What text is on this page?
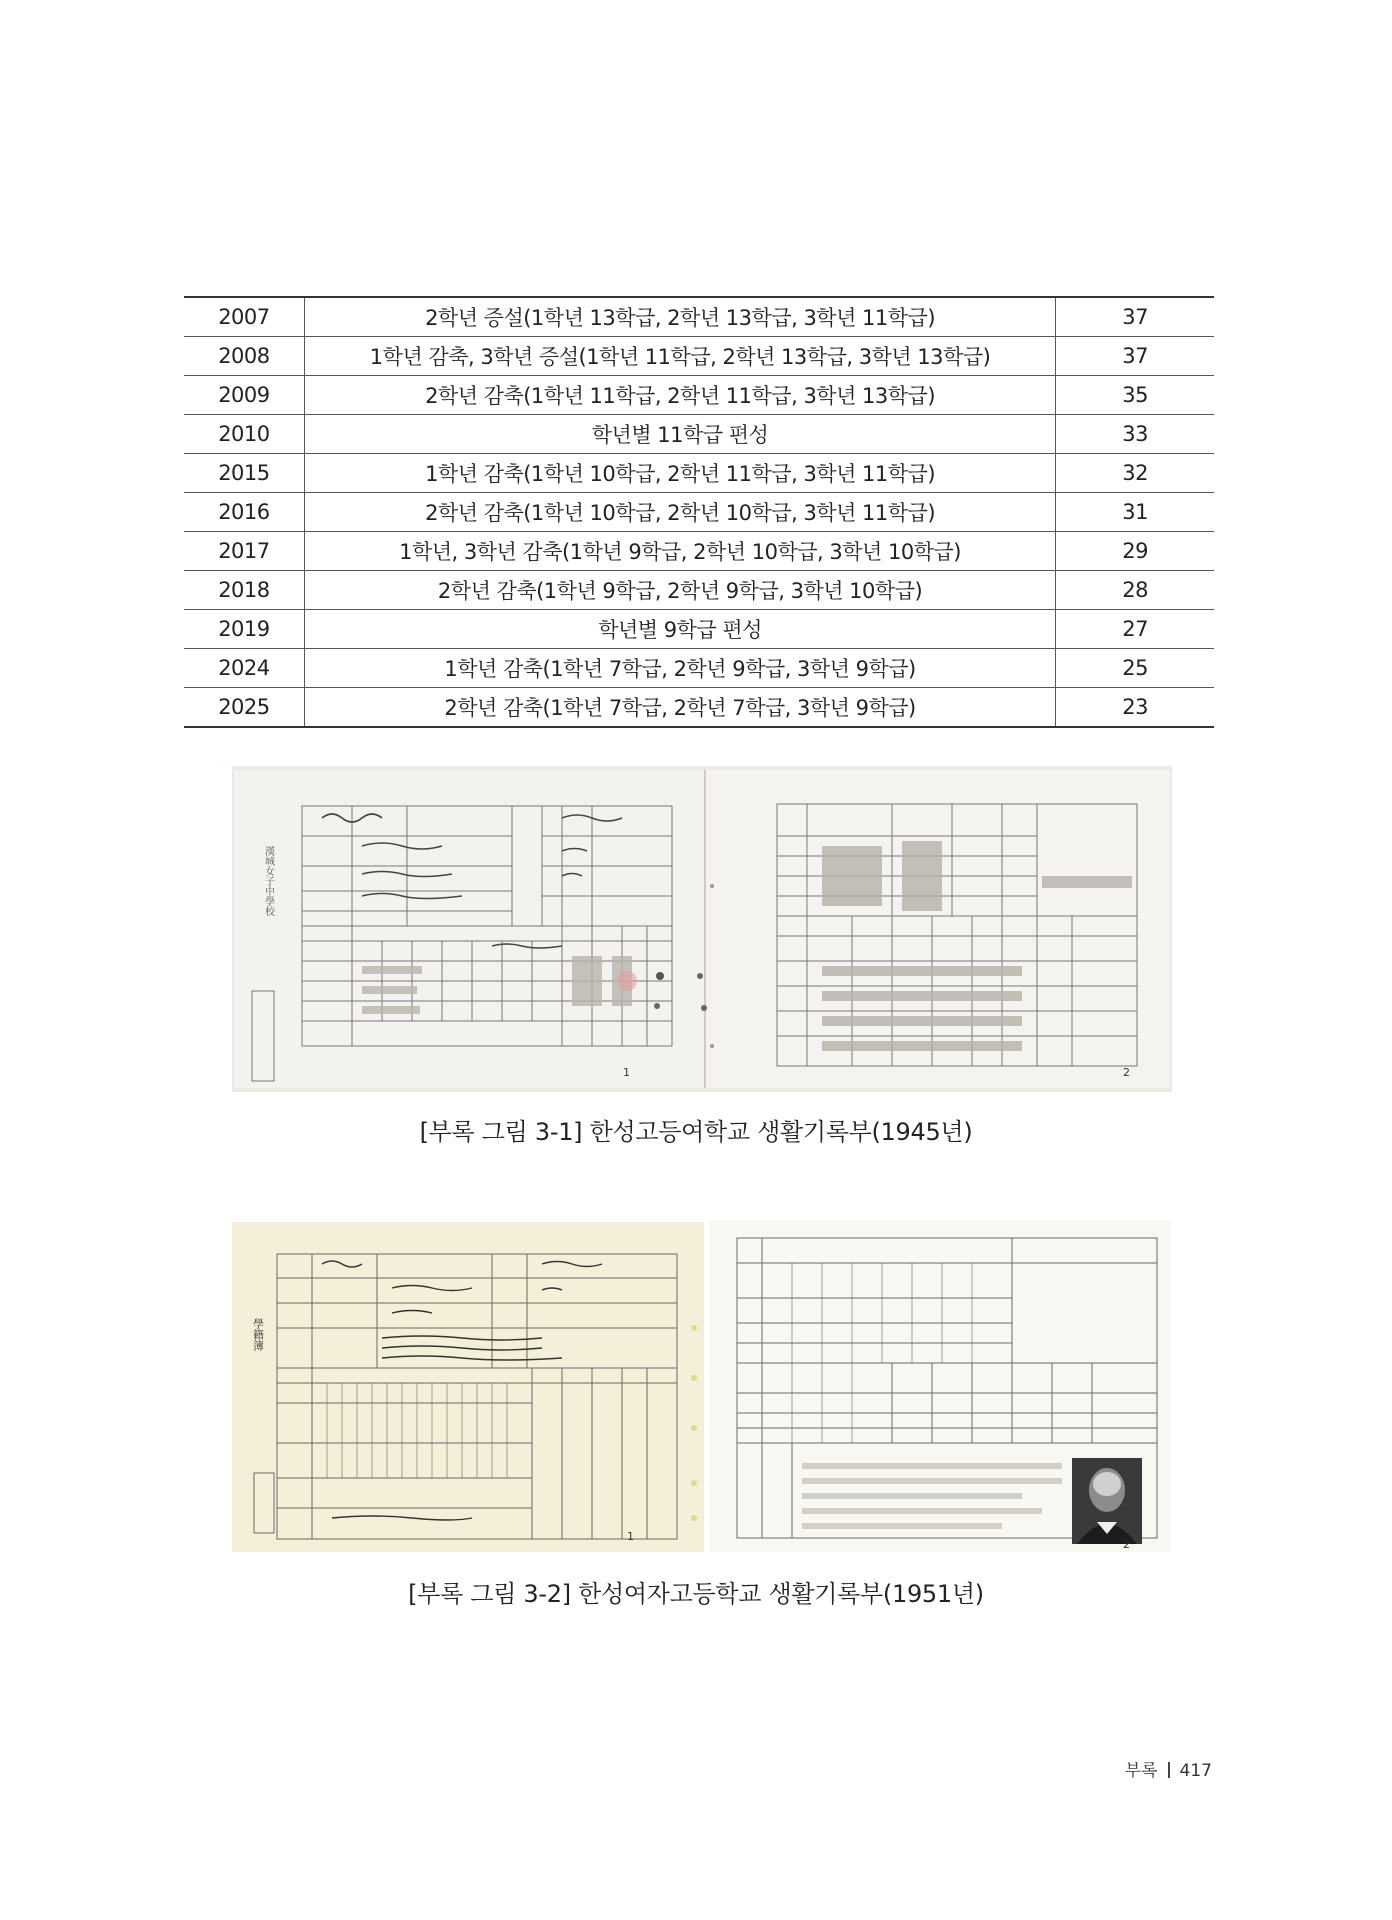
2007	2학년 증설(1학년 13학급, 2학년 13학급, 3학년 11학급)	37
2008	1학년 감축, 3학년 증설(1학년 11학급, 2학년 13학급, 3학년 13학급)	37
2009	2학년 감축(1학년 11학급, 2학년 11학급, 3학년 13학급)	35
2010	학년별 11학급 편성	33
2015	1학년 감축(1학년 10학급, 2학년 11학급, 3학년 11학급)	32
2016	2학년 감축(1학년 10학급, 2학년 10학급, 3학년 11학급)	31
2017	1학년, 3학년 감축(1학년 9학급, 2학년 10학급, 3학년 10학급)	29
2018	2학년 감축(1학년 9학급, 2학년 9학급, 3학년 10학급)	28
2019	학년별 9학급 편성	27
2024	1학년 감축(1학년 7학급, 2학년 9학급, 3학년 9학급)	25
2025	2학년 감축(1학년 7학급, 2학년 7학급, 3학년 9학급)	23
漢城女子中學校
1	2
[부록 그림 3-1] 한성고등여학교 생활기록부(1945년)
學籍簿
1
2
[부록 그림 3-2] 한성여자고등학교 생활기록부(1951년)
부록 417
